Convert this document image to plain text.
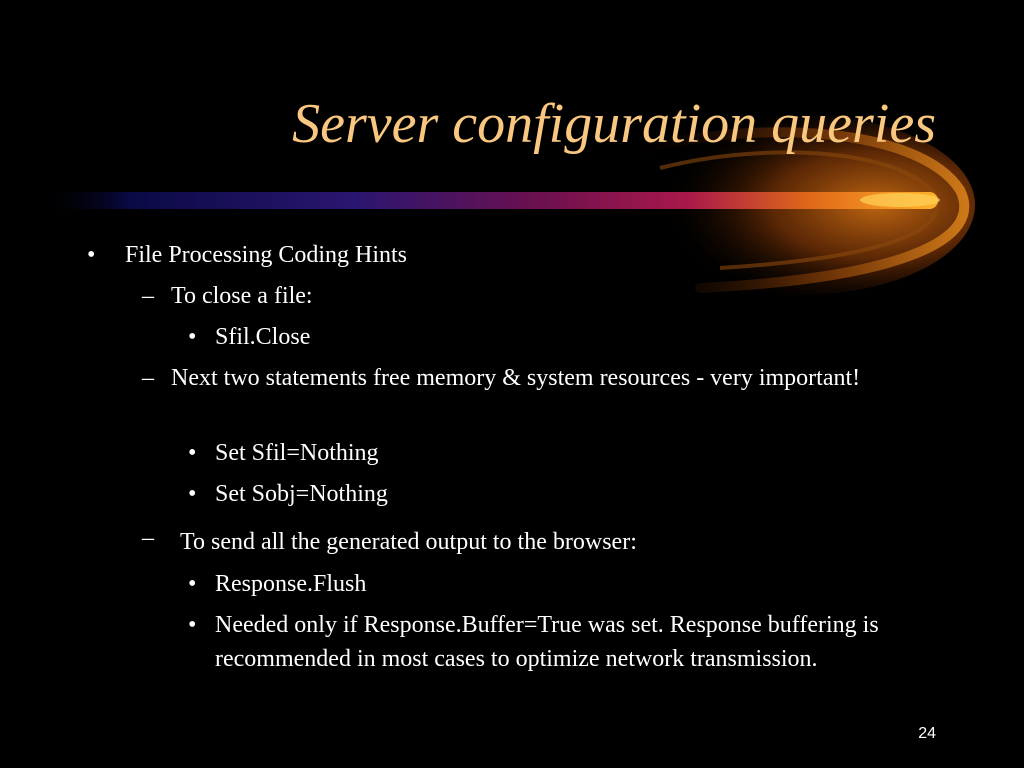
Server configuration queries
• File Processing Coding Hints
– To close a file:
• Sfil.Close
– Next two statements free memory & system resources - very important!
• Set Sfil=Nothing
• Set Sobj=Nothing
– To send all the generated output to the browser:
• Response.Flush
• Needed only if Response.Buffer=True was set. Response buffering is recommended in most cases to optimize network transmission.
24
